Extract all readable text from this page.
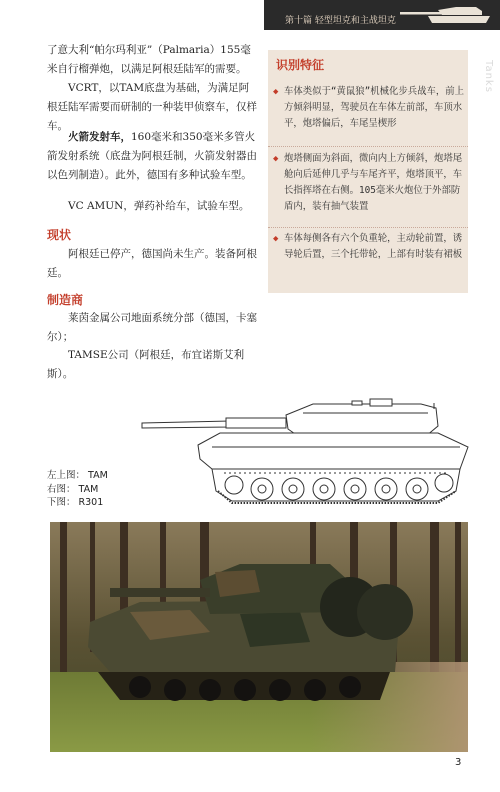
第十篇 轻型坦克和主战坦克
Tanks

了意大利“帕尔玛利亚”（Palmaria）155毫米自行榴弹炮，以满足阿根廷陆军的需要。

VCRT，以TAM底盘为基础，为满足阿根廷陆军需要而研制的一种装甲侦察车，仅样车。

火箭发射车，160毫米和350毫米多管火箭发射系统（底盘为阿根廷制，火箭发射器由以色列制造）。此外，德国有多种试验车型。

VC AMUN，弹药补给车，试验车型。

现状

阿根廷已停产，德国尚未生产。装备阿根廷。

制造商

莱茵金属公司地面系统分部（德国，卡塞尔）；

TAMSE公司（阿根廷，布宜诺斯艾利斯）。

识别特征
◆ 车体类似于“黄鼠狼”机械化步兵战车，前上方倾斜明显，驾驶员在车体左前部，车顶水平，炮塔偏后，车尾呈楔形
◆ 炮塔侧面为斜面，微向内上方倾斜，炮塔尾舱向后延伸几乎与车尾齐平，炮塔顶平，车长指挥塔在右侧。105毫米火炮位于外部防盾内，装有抽气装置
◆ 车体每侧各有六个负重轮，主动轮前置，诱导轮后置，三个托带轮，上部有时装有裙板
左上图： TAM
右图： TAM
下图： R301
3
